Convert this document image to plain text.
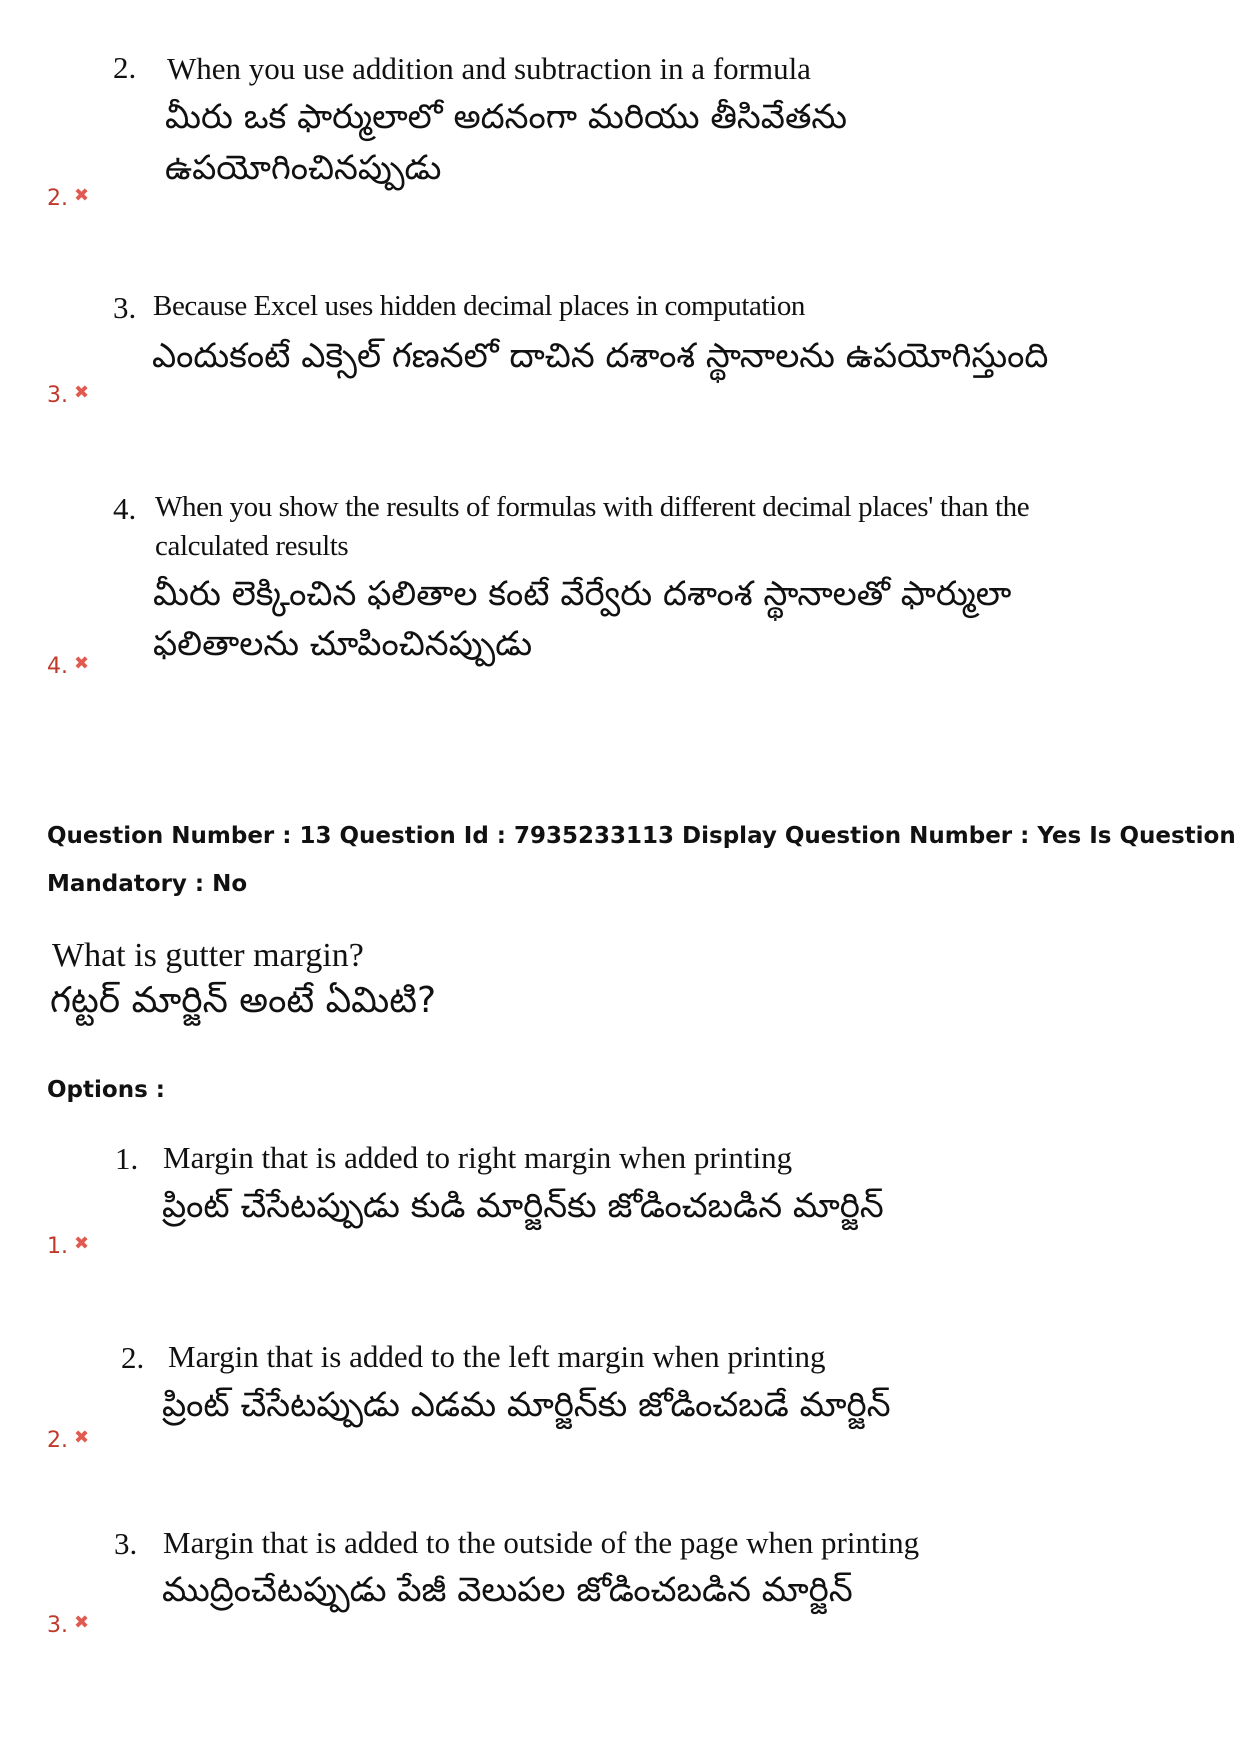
2. When you use addition and subtraction in a formula
మీరు ఒక ఫార్ములాలో అదనంగా మరియు తీసివేతను
ఉపయోగించినప్పుడు
2. ✖
3. Because Excel uses hidden decimal places in computation
ఎందుకంటే ఎక్సెల్ గణనలో దాచిన దశాంశ స్థానాలను ఉపయోగిస్తుంది
3. ✖
4. When you show the results of formulas with different decimal places' than the
calculated results
మీరు లెక్కించిన ఫలితాల కంటే వేర్వేరు దశాంశ స్థానాలతో ఫార్ములా
ఫలితాలను చూపించినప్పుడు
4. ✖
Question Number : 13 Question Id : 7935233113 Display Question Number : Yes Is Question
Mandatory : No
What is gutter margin?
గట్టర్ మార్జిన్ అంటే ఏమిటి?
Options :
1. Margin that is added to right margin when printing
ప్రింట్ చేసేటప్పుడు కుడి మార్జిన్‌కు జోడించబడిన మార్జిన్
1. ✖
2. Margin that is added to the left margin when printing
ప్రింట్ చేసేటప్పుడు ఎడమ మార్జిన్‌కు జోడించబడే మార్జిన్
2. ✖
3. Margin that is added to the outside of the page when printing
ముద్రించేటప్పుడు పేజీ వెలుపల జోడించబడిన మార్జిన్
3. ✖
